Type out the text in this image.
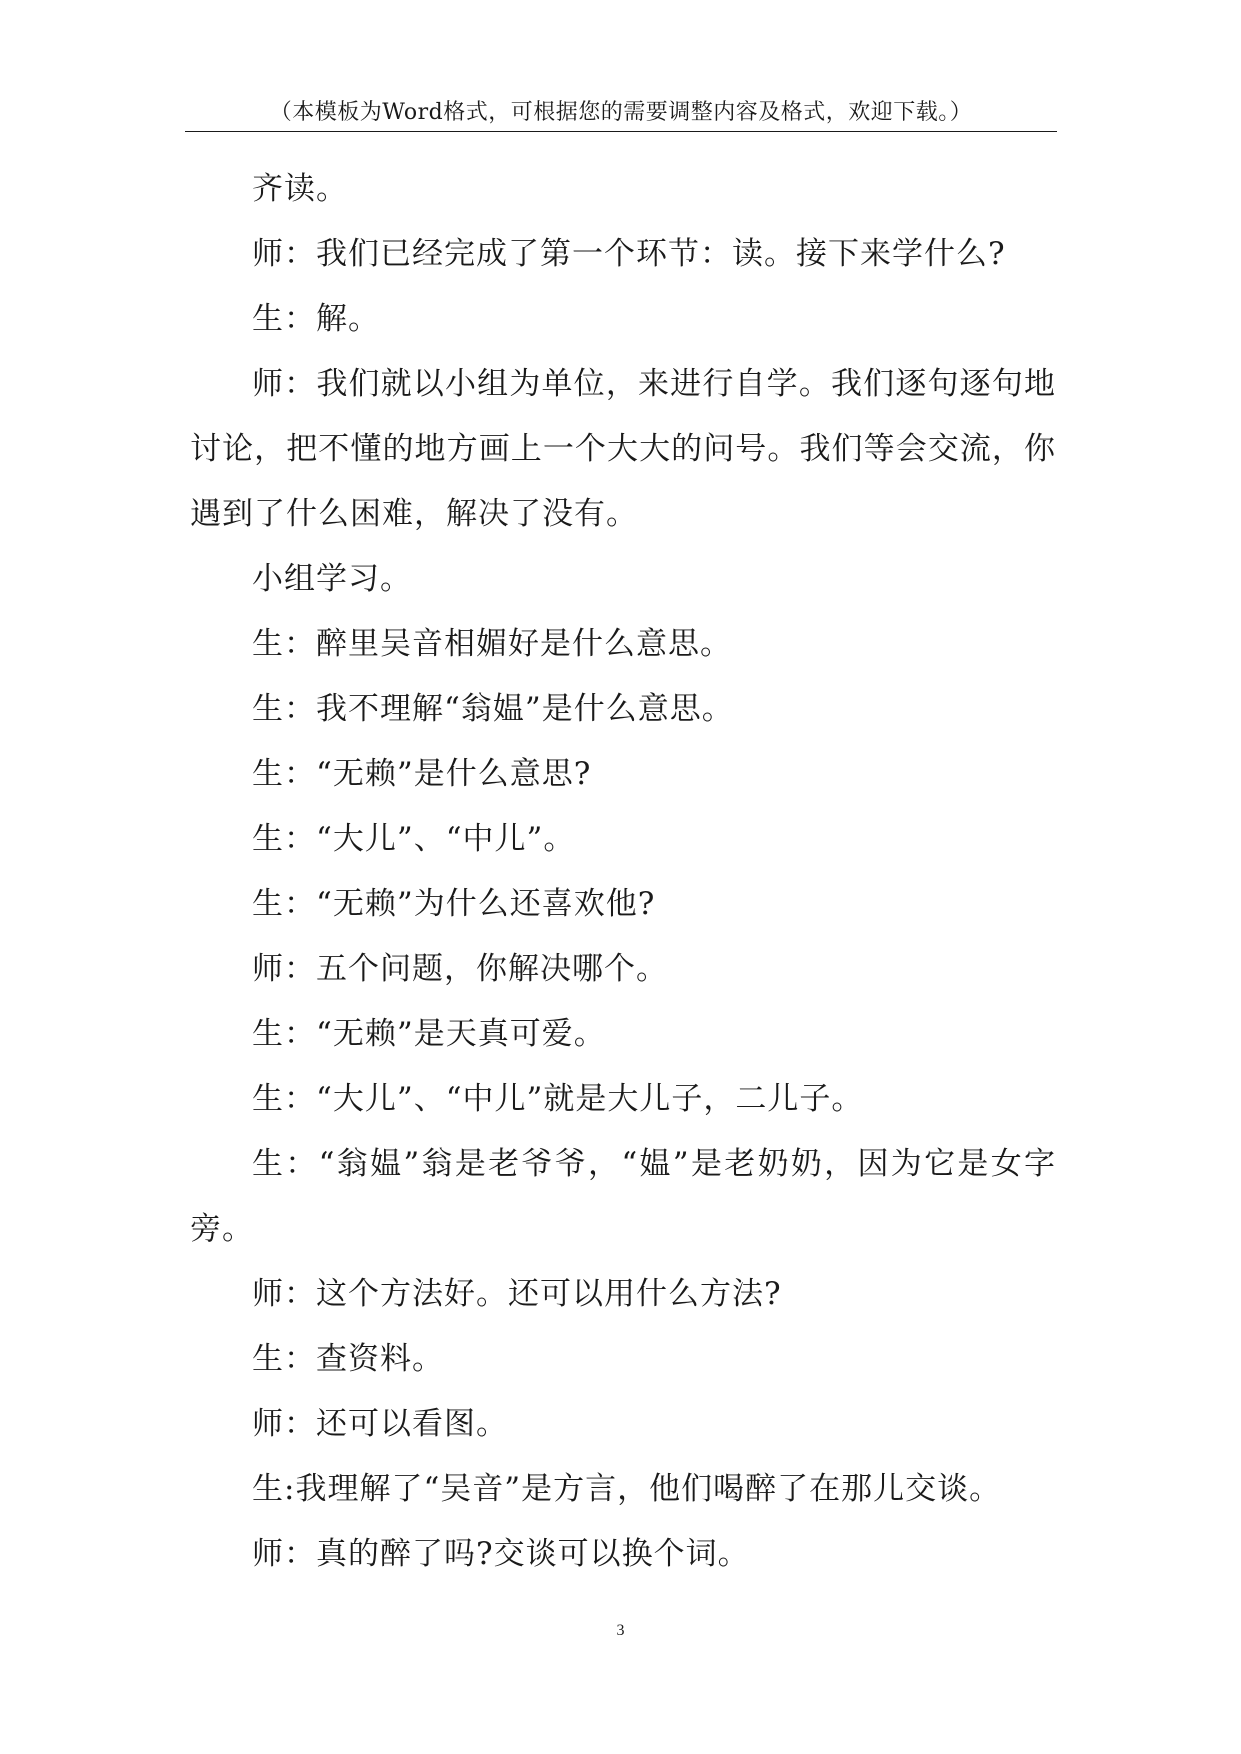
（本模板为Word格式，可根据您的需要调整内容及格式，欢迎下载。）

齐读。

师：我们已经完成了第一个环节：读。接下来学什么?

生：解。

师：我们就以小组为单位，来进行自学。我们逐句逐句地讨论，把不懂的地方画上一个大大的问号。我们等会交流，你遇到了什么困难，解决了没有。

小组学习。

生：醉里吴音相媚好是什么意思。

生：我不理解“翁媪”是什么意思。

生：“无赖”是什么意思?

生：“大儿”、“中儿”。

生：“无赖”为什么还喜欢他?

师：五个问题，你解决哪个。

生：“无赖”是天真可爱。

生：“大儿”、“中儿”就是大儿子，二儿子。

生：“翁媪”翁是老爷爷，“媪”是老奶奶，因为它是女字旁。

师：这个方法好。还可以用什么方法?

生：查资料。

师：还可以看图。

生:我理解了“吴音”是方言，他们喝醉了在那儿交谈。

师：真的醉了吗?交谈可以换个词。

3
